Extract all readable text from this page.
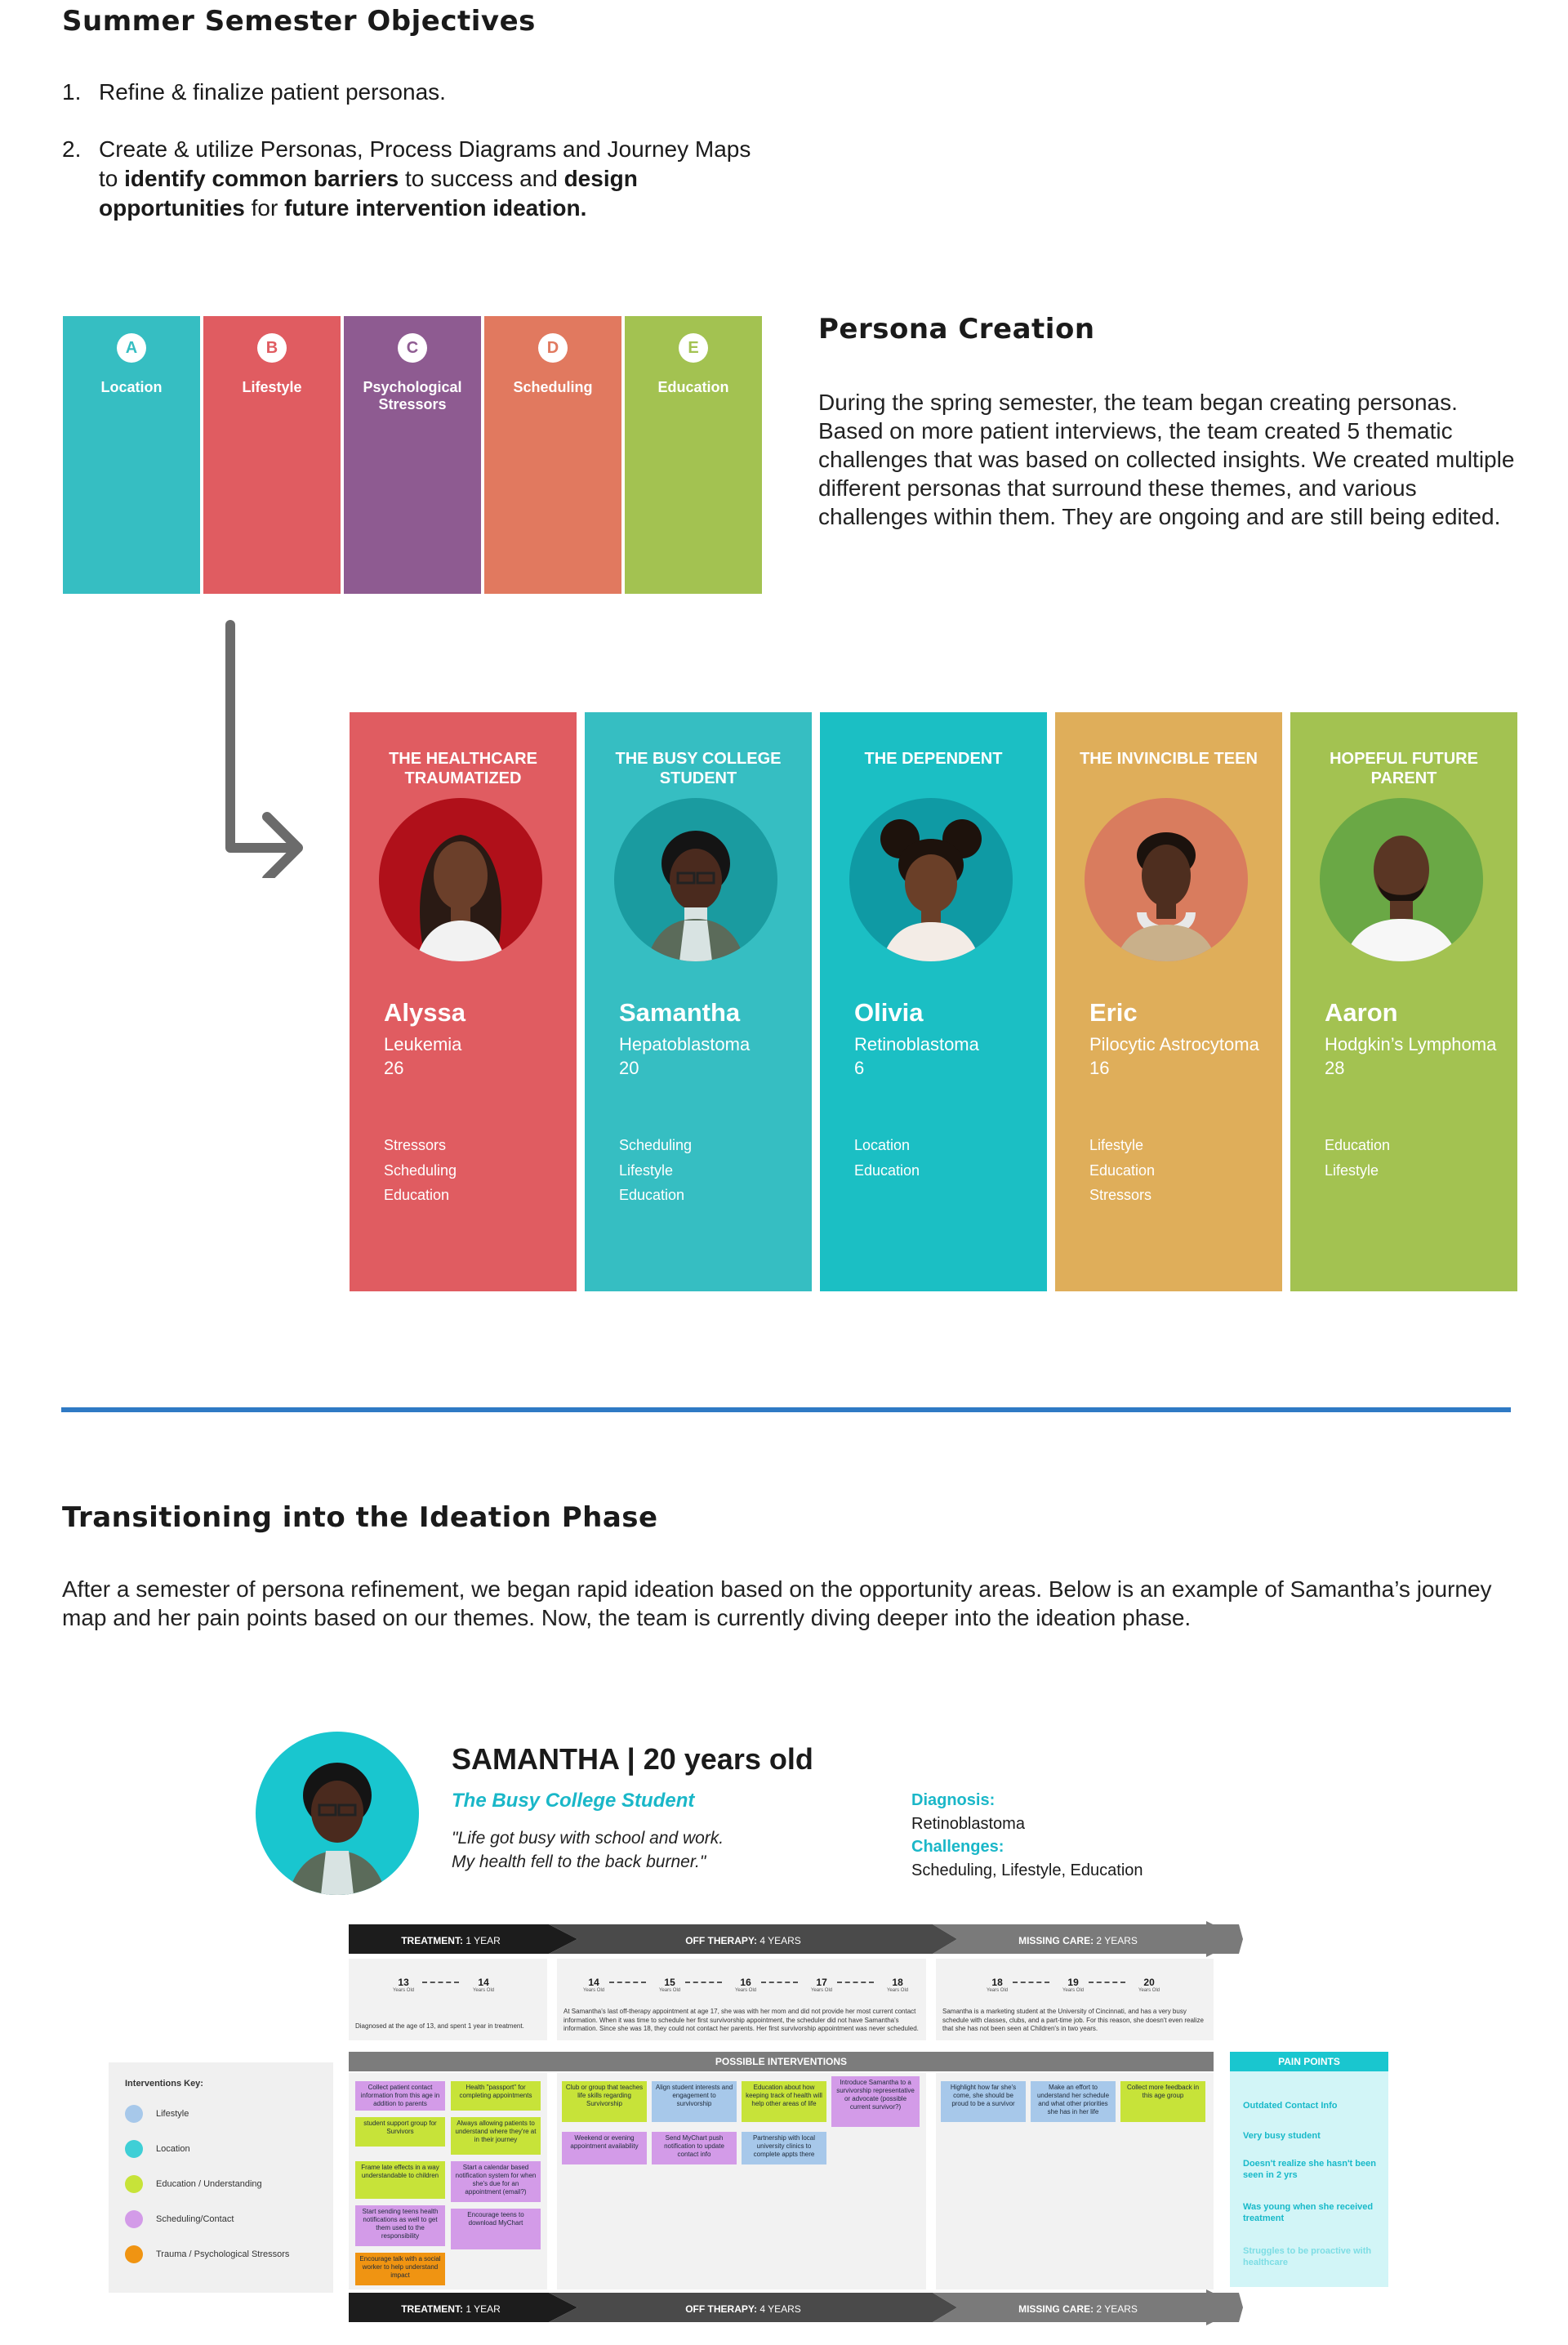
Summer Semester Objectives
1. Refine & finalize patient personas.
2. Create & utilize Personas, Process Diagrams and Journey Maps to identify common barriers to success and design opportunities for future intervention ideation.
A
Location
B
Lifestyle
C
Psychological Stressors
D
Scheduling
E
Education
Persona Creation
During the spring semester, the team began creating personas. Based on more patient interviews, the team created 5 thematic challenges that was based on collected insights. We created multiple different personas that surround these themes, and various challenges within them. They are ongoing and are still being edited.
THE HEALTHCARE TRAUMATIZED
Alyssa
Leukemia
26
Stressors
Scheduling
Education
THE BUSY COLLEGE STUDENT
Samantha
Hepatoblastoma
20
Scheduling
Lifestyle
Education
THE DEPENDENT
Olivia
Retinoblastoma
6
Location
Education
THE INVINCIBLE TEEN
Eric
Pilocytic Astrocytoma
16
Lifestyle
Education
Stressors
HOPEFUL FUTURE PARENT
Aaron
Hodgkin’s Lymphoma
28
Education
Lifestyle
Transitioning into the Ideation Phase
After a semester of persona refinement, we began rapid ideation based on the opportunity areas. Below is an example of Samantha’s journey map and her pain points based on our themes. Now, the team is currently diving deeper into the ideation phase.
SAMANTHA | 20 years old
The Busy College Student
"Life got busy with school and work.
My health fell to the back burner."
Diagnosis:
Retinoblastoma
Challenges:
Scheduling, Lifestyle, Education
TREATMENT: 1 YEAR	OFF THERAPY: 4 YEARS	MISSING CARE: 2 YEARS
13
Years Old
14
Years Old
Diagnosed at the age of 13, and spent 1 year in treatment.
14
Years Old
15
Years Old
16
Years Old
17
Years Old
18
Years Old
At Samantha's last off-therapy appointment at age 17, she was with her mom and did not provide her most current contact information. When it was time to schedule her first survivorship appointment, the scheduler did not have Samantha's information. Since she was 18, they could not contact her parents. Her first survivorship appointment was never scheduled.
18
Years Old
19
Years Old
20
Years Old
Samantha is a marketing student at the University of Cincinnati, and has a very busy schedule with classes, clubs, and a part-time job. For this reason, she doesn't even realize that she has not been seen at Children's in two years.
POSSIBLE INTERVENTIONS
Interventions Key:
Lifestyle
Location
Education / Understanding
Scheduling/Contact
Trauma / Psychological Stressors
Collect patient contact information from this age in addition to parents
Health "passport" for completing appointments
student support group for Survivors
Always allowing patients to understand where they're at in their journey
Frame late effects in a way understandable to children
Start a calendar based notification system for when she's due for an appointment (email?)
Start sending teens health notifications as well to get them used to the responsibility
Encourage teens to download MyChart
Encourage talk with a social worker to help understand impact
Club or group that teaches life skills regarding Survivorship
Align student interests and engagement to survivorship
Education about how keeping track of health will help other areas of life
Introduce Samantha to a survivorship representative or advocate (possible current survivor?)
Weekend or evening appointment availability
Send MyChart push notification to update contact info
Partnership with local university clinics to complete appts there
Highlight how far she's come, she should be proud to be a survivor
Make an effort to understand her schedule and what other priorities she has in her life
Collect more feedback in this age group
PAIN POINTS
Outdated Contact Info
Very busy student
Doesn't realize she hasn't been seen in 2 yrs
Was young when she received treatment
Struggles to be proactive with healthcare
TREATMENT: 1 YEAR	OFF THERAPY: 4 YEARS	MISSING CARE: 2 YEARS
